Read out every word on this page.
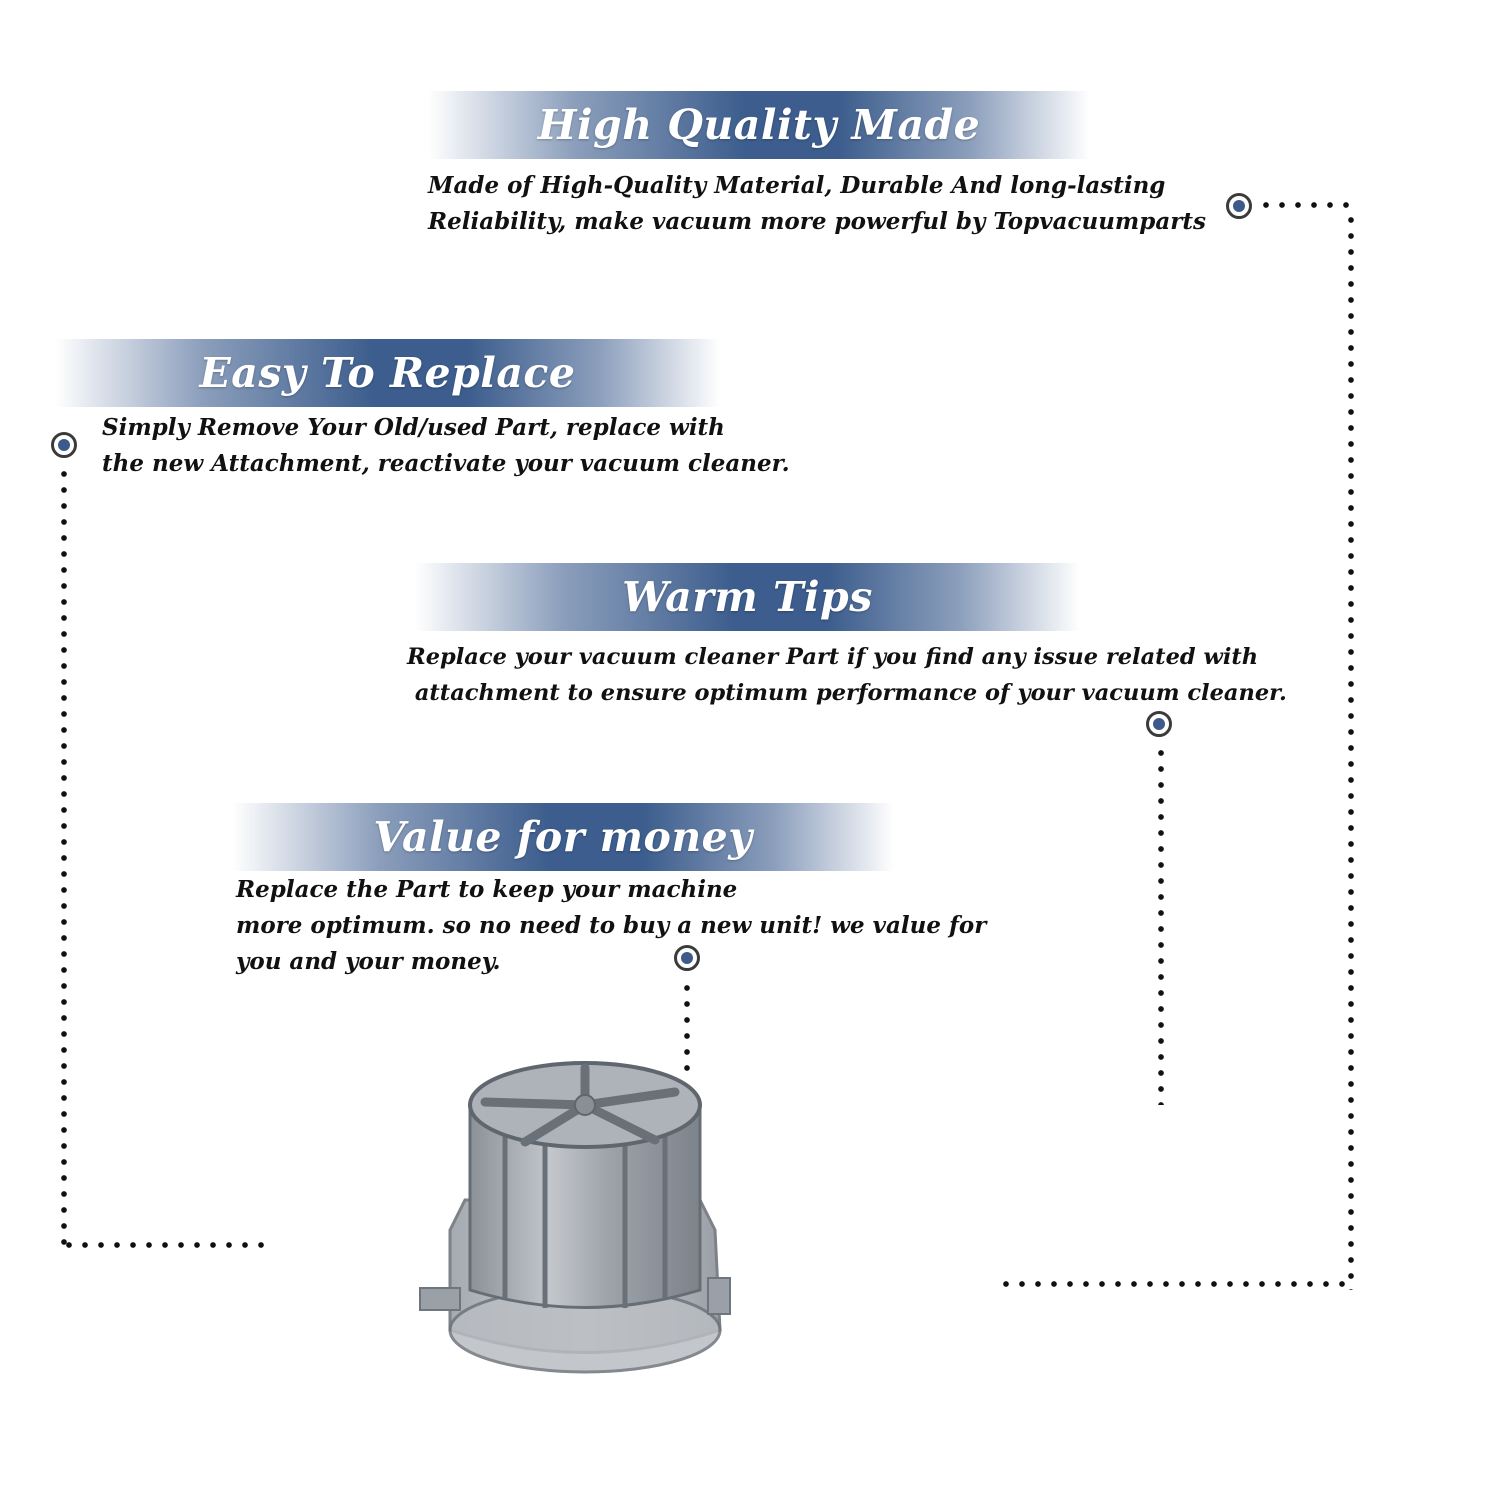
High Quality Made
Made of High-Quality Material, Durable And long-lasting
Reliability, make vacuum more powerful by Topvacuumparts
Easy To Replace
Simply Remove Your Old/used Part, replace with
the new Attachment, reactivate your vacuum cleaner.
Warm Tips
Replace your vacuum cleaner Part if you find any issue related with
attachment to ensure optimum performance of your vacuum cleaner.
Value for money
Replace the Part to keep your machine
more optimum. so no need to buy a new unit! we value for
you and your money.
